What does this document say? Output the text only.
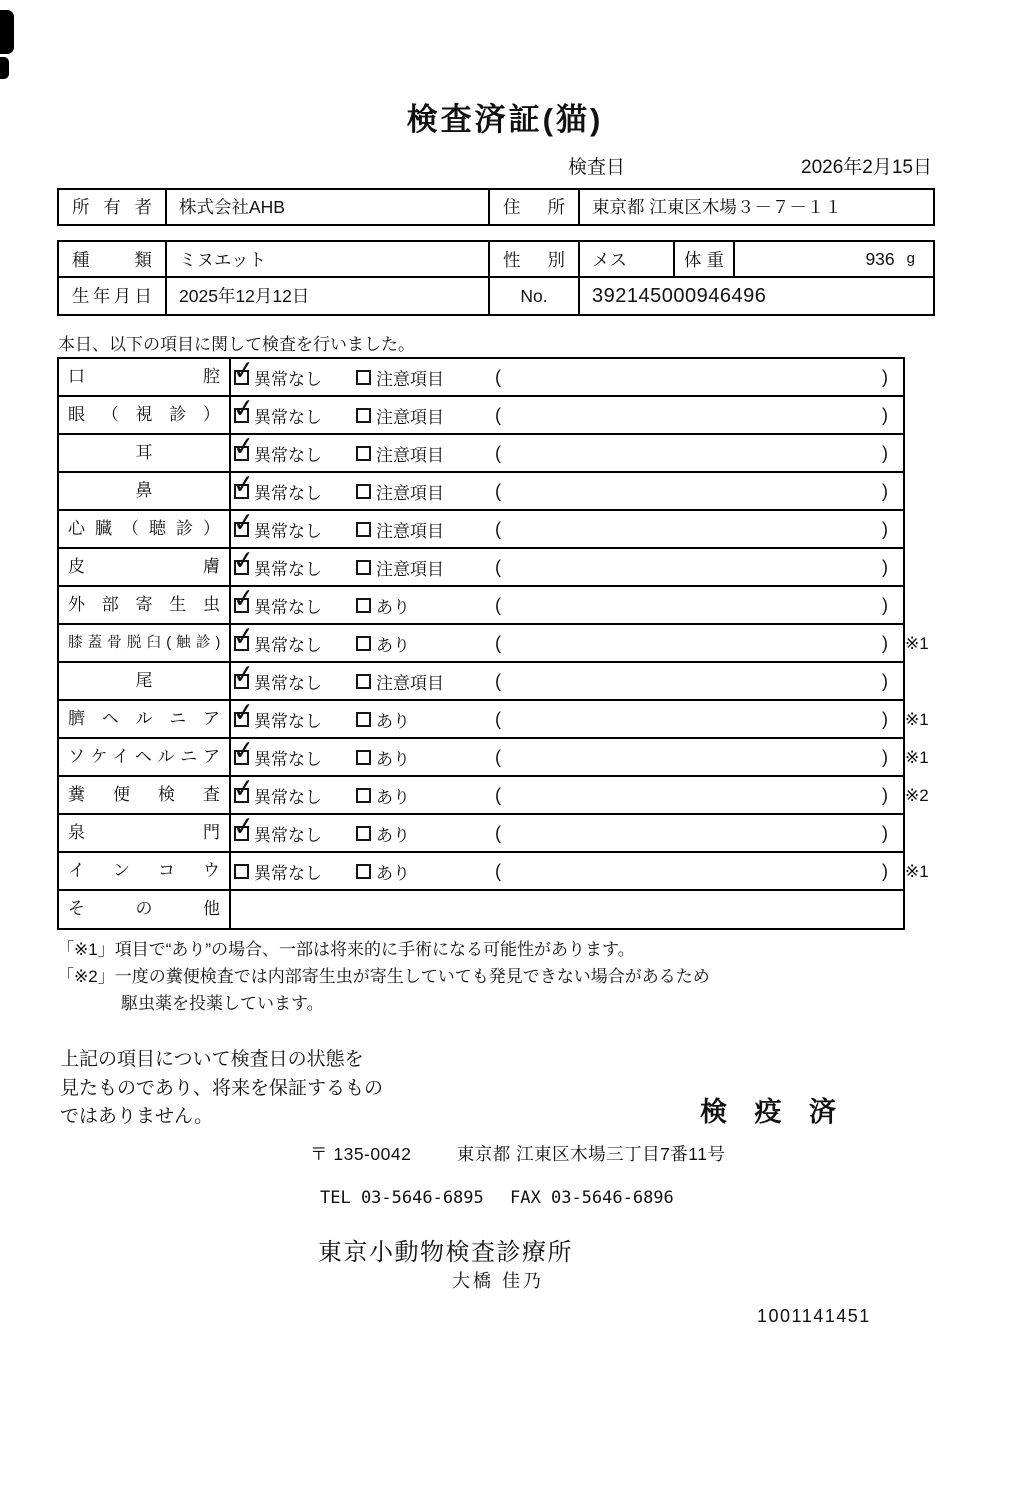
検査済証(猫)
検査日	2026年2月15日
所有者	株式会社AHB	住所	東京都 江東区木場３－７－１１
種類	ミヌエット	性別	メス	体重	936 g
生年月日	2025年12月12日	No.	392145000946496
本日、以下の項目に関して検査を行いました。
口腔 ✓	異常なし	注意項目	(	)
眼（視診） ✓	異常なし	注意項目	(	)
耳 ✓	異常なし	注意項目	(	)
鼻 ✓	異常なし	注意項目	(	)
心臓（聴診） ✓	異常なし	注意項目	(	)
皮膚 ✓	異常なし	注意項目	(	)
外部寄生虫 ✓	異常なし	あり	(	)
膝蓋骨脱臼(触診) ✓	異常なし	あり	(	) ※1
尾 ✓	異常なし	注意項目	(	)
臍ヘルニア ✓	異常なし	あり	(	) ※1
ソケイヘルニア ✓	異常なし	あり	(	) ※1
糞便検査 ✓	異常なし	あり	(	) ※2
泉門 ✓	異常なし	あり	(	)
インコウ	異常なし	あり	(	) ※1
その他
「※1」項目で“あり”の場合、一部は将来的に手術になる可能性があります。
「※2」一度の糞便検査では内部寄生虫が寄生していても発見できない場合があるため
駆虫薬を投薬しています。
上記の項目について検査日の状態を
見たものであり、将来を保証するもの
ではありません。	検 疫 済
〒 135-0042	東京都 江東区木場三丁目7番11号
TEL 03-5646-6895 FAX 03-5646-6896
東京小動物検査診療所
大橋 佳乃
1001141451
